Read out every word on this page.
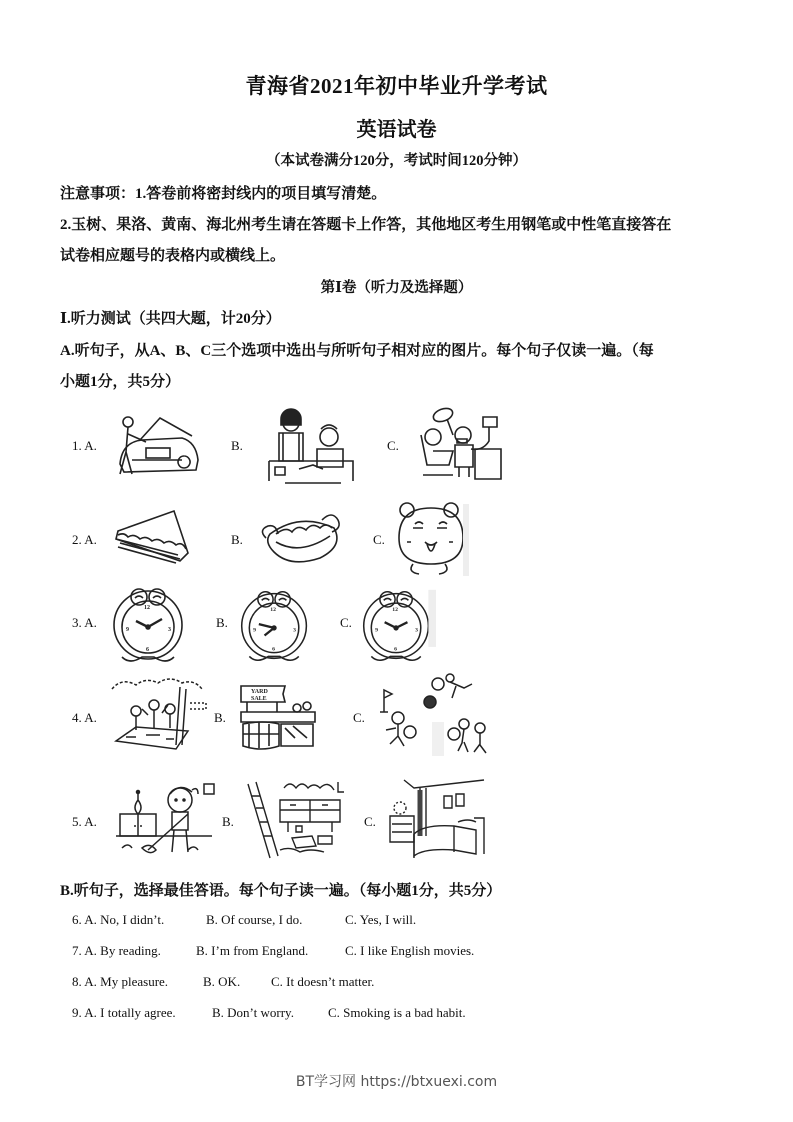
青海省2021年初中毕业升学考试
英语试卷
（本试卷满分120分，考试时间120分钟）
注意事项：1.答卷前将密封线内的项目填写清楚。
2.玉树、果洛、黄南、海北州考生请在答题卡上作答，其他地区考生用钢笔或中性笔直接答在
试卷相应题号的表格内或横线上。
第Ⅰ卷（听力及选择题）
Ⅰ.听力测试（共四大题，计20分）
A.听句子，从A、B、C三个选项中选出与所听句子相对应的图片。每个句子仅读一遍。（每
小题1分，共5分）
1. A.	B.	C.
2. A.	B.	C.
3. A.
12
9	3
6
B.
12
9	3
6
C.
12
9	3
6
4. A.	B.
YARD
SALE
C.
5. A.	B.	C.
B.听句子，选择最佳答语。每个句子读一遍。（每小题1分，共5分）
6. A. No, I didn’t.	B. Of course, I do.	C. Yes, I will.
7. A. By reading.	B. I’m from England.	C. I like English movies.
8. A. My pleasure.	B. OK. C. It doesn’t matter.
9. A. I totally agree.	B. Don’t worry.	C. Smoking is a bad habit.
BT学习网 https://btxuexi.com
